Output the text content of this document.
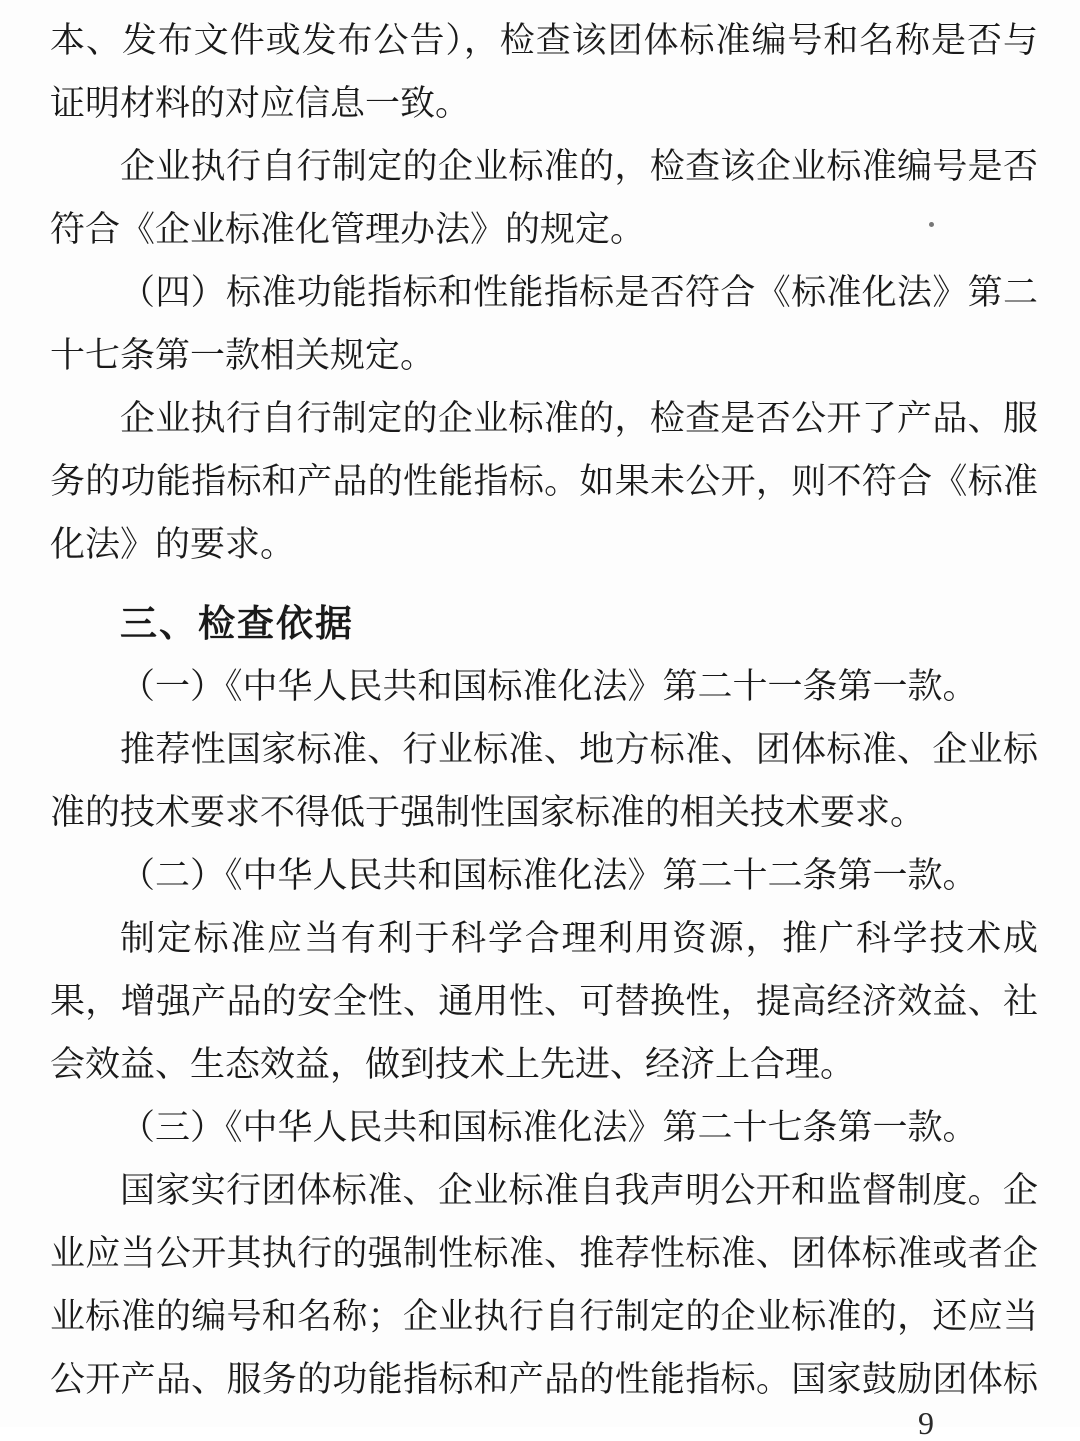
本、发布文件或发布公告），检查该团体标准编号和名称是否与
证明材料的对应信息一致。
企业执行自行制定的企业标准的，检查该企业标准编号是否
符合《企业标准化管理办法》的规定。
（四）标准功能指标和性能指标是否符合《标准化法》第二
十七条第一款相关规定。
企业执行自行制定的企业标准的，检查是否公开了产品、服
务的功能指标和产品的性能指标。如果未公开，则不符合《标准
化法》的要求。
三、检查依据
（一）《中华人民共和国标准化法》第二十一条第一款。
推荐性国家标准、行业标准、地方标准、团体标准、企业标
准的技术要求不得低于强制性国家标准的相关技术要求。
（二）《中华人民共和国标准化法》第二十二条第一款。
制定标准应当有利于科学合理利用资源，推广科学技术成
果，增强产品的安全性、通用性、可替换性，提高经济效益、社
会效益、生态效益，做到技术上先进、经济上合理。
（三）《中华人民共和国标准化法》第二十七条第一款。
国家实行团体标准、企业标准自我声明公开和监督制度。企
业应当公开其执行的强制性标准、推荐性标准、团体标准或者企
业标准的编号和名称；企业执行自行制定的企业标准的，还应当
公开产品、服务的功能指标和产品的性能指标。国家鼓励团体标
9
